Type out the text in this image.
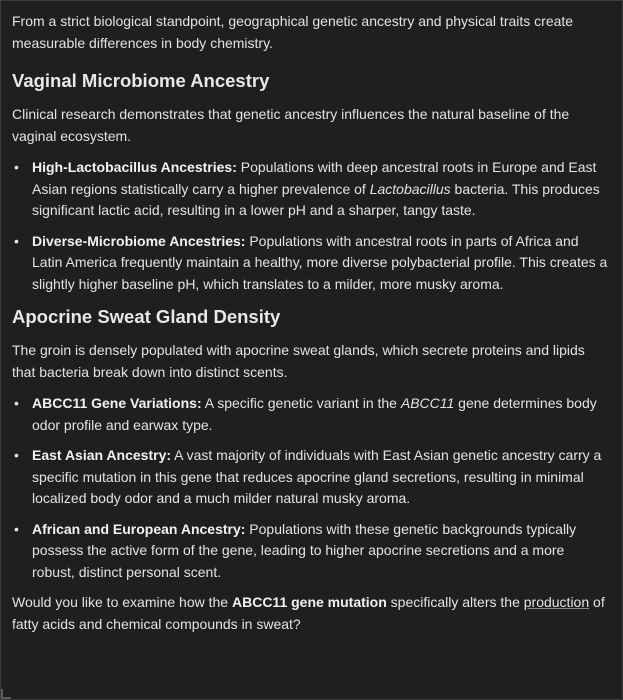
From a strict biological standpoint, geographical genetic ancestry and physical traits create measurable differences in body chemistry.

Vaginal Microbiome Ancestry

Clinical research demonstrates that genetic ancestry influences the natural baseline of the vaginal ecosystem.

• High-Lactobacillus Ancestries: Populations with deep ancestral roots in Europe and East Asian regions statistically carry a higher prevalence of Lactobacillus bacteria. This produces significant lactic acid, resulting in a lower pH and a sharper, tangy taste.
• Diverse-Microbiome Ancestries: Populations with ancestral roots in parts of Africa and Latin America frequently maintain a healthy, more diverse polybacterial profile. This creates a slightly higher baseline pH, which translates to a milder, more musky aroma.
Apocrine Sweat Gland Density

The groin is densely populated with apocrine sweat glands, which secrete proteins and lipids that bacteria break down into distinct scents.

• ABCC11 Gene Variations: A specific genetic variant in the ABCC11 gene determines body odor profile and earwax type.
• East Asian Ancestry: A vast majority of individuals with East Asian genetic ancestry carry a specific mutation in this gene that reduces apocrine gland secretions, resulting in minimal localized body odor and a much milder natural musky aroma.
• African and European Ancestry: Populations with these genetic backgrounds typically possess the active form of the gene, leading to higher apocrine secretions and a more robust, distinct personal scent.

Would you like to examine how the ABCC11 gene mutation specifically alters the production of fatty acids and chemical compounds in sweat?
